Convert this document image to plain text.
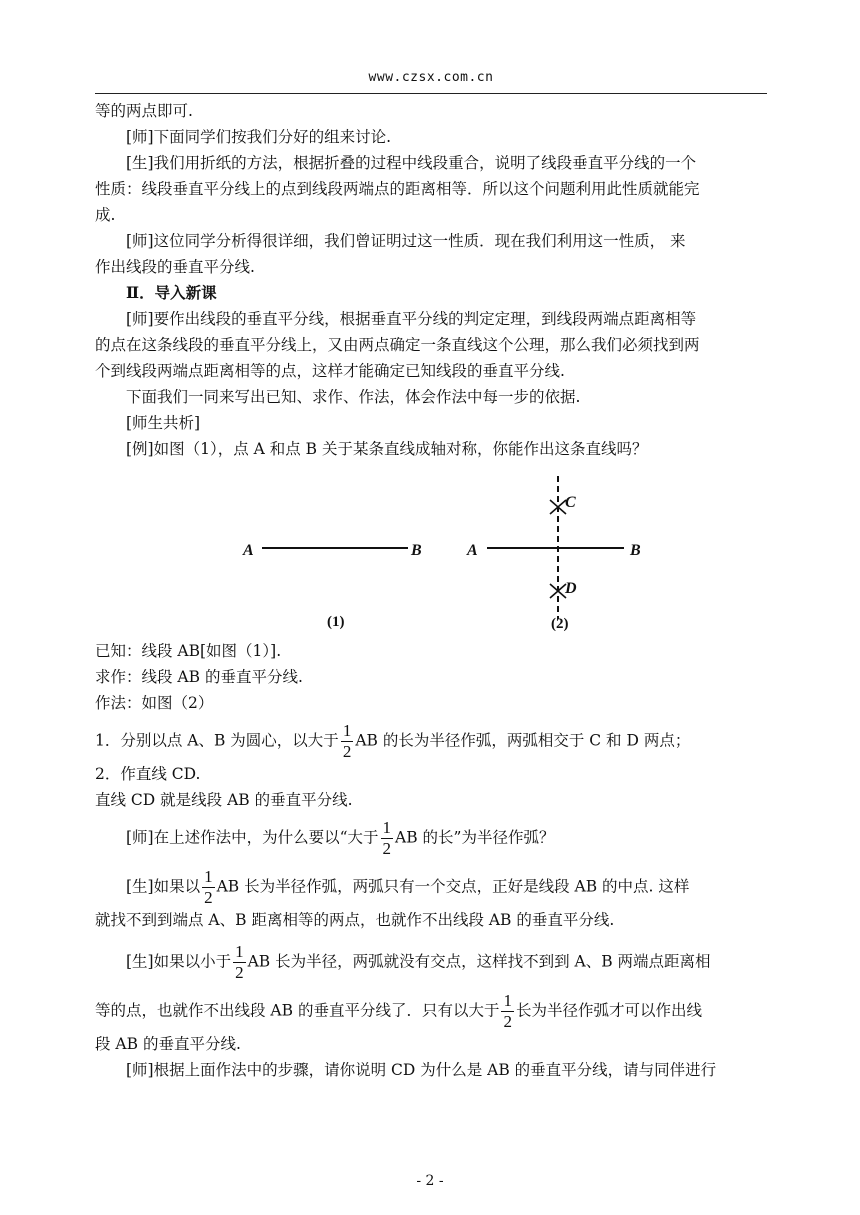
www.czsx.com.cn

等的两点即可.

[师]下面同学们按我们分好的组来讨论.

[生]我们用折纸的方法，根据折叠的过程中线段重合，说明了线段垂直平分线的一个

性质：线段垂直平分线上的点到线段两端点的距离相等．所以这个问题利用此性质就能完

成.

[师]这位同学分析得很详细，我们曾证明过这一性质．现在我们利用这一性质， 来

作出线段的垂直平分线.

Ⅱ．导入新课

[师]要作出线段的垂直平分线，根据垂直平分线的判定定理，到线段两端点距离相等

的点在这条线段的垂直平分线上，又由两点确定一条直线这个公理，那么我们必须找到两

个到线段两端点距离相等的点，这样才能确定已知线段的垂直平分线.

下面我们一同来写出已知、求作、作法，体会作法中每一步的依据.

[师生共析]

[例]如图（1），点 A 和点 B 关于某条直线成轴对称，你能作出这条直线吗？

A	B
(1)
A	B
C
D
(2)

已知：线段 AB[如图（1）].

求作：线段 AB 的垂直平分线.

作法：如图（2）

1．分别以点 A、B 为圆心，以大于 $\frac{1}{2}$ AB 的长为半径作弧，两弧相交于 C 和 D 两点；

2．作直线 CD.

直线 CD 就是线段 AB 的垂直平分线.

[师]在上述作法中，为什么要以“大于 $\frac{1}{2}$ AB 的长”为半径作弧？

[生]如果以 $\frac{1}{2}$ AB 长为半径作弧，两弧只有一个交点，正好是线段 AB 的中点. 这样

就找不到到端点 A、B 距离相等的两点，也就作不出线段 AB 的垂直平分线.

[生]如果以小于 $\frac{1}{2}$ AB 长为半径，两弧就没有交点，这样找不到到 A、B 两端点距离相

等的点，也就作不出线段 AB 的垂直平分线了．只有以大于 $\frac{1}{2}$ 长为半径作弧才可以作出线

段 AB 的垂直平分线.

[师]根据上面作法中的步骤，请你说明 CD 为什么是 AB 的垂直平分线，请与同伴进行

- 2 -
